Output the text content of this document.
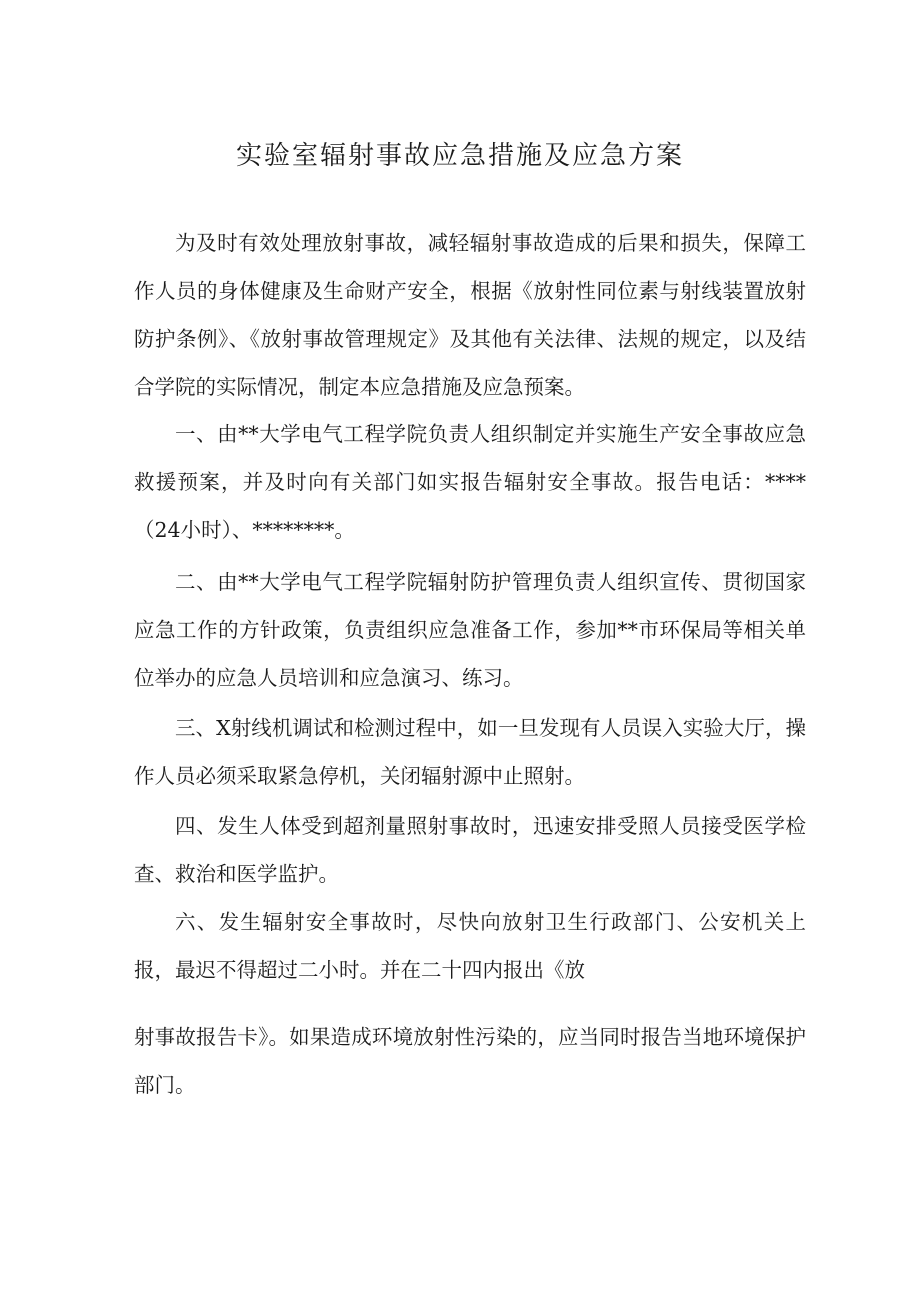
实验室辐射事故应急措施及应急方案

为及时有效处理放射事故，减轻辐射事故造成的后果和损失，保障工作人员的身体健康及生命财产安全，根据《放射性同位素与射线装置放射防护条例》、《放射事故管理规定》及其他有关法律、法规的规定，以及结合学院的实际情况，制定本应急措施及应急预案。

一、由**大学电气工程学院负责人组织制定并实施生产安全事故应急救援预案，并及时向有关部门如实报告辐射安全事故。报告电话：****（24小时）、********。

二、由**大学电气工程学院辐射防护管理负责人组织宣传、贯彻国家应急工作的方针政策，负责组织应急准备工作，参加**市环保局等相关单位举办的应急人员培训和应急演习、练习。

三、X射线机调试和检测过程中，如一旦发现有人员误入实验大厅，操作人员必须采取紧急停机，关闭辐射源中止照射。

四、发生人体受到超剂量照射事故时，迅速安排受照人员接受医学检查、救治和医学监护。

六、发生辐射安全事故时，尽快向放射卫生行政部门、公安机关上报，最迟不得超过二小时。并在二十四内报出《放

射事故报告卡》。如果造成环境放射性污染的，应当同时报告当地环境保护部门。
